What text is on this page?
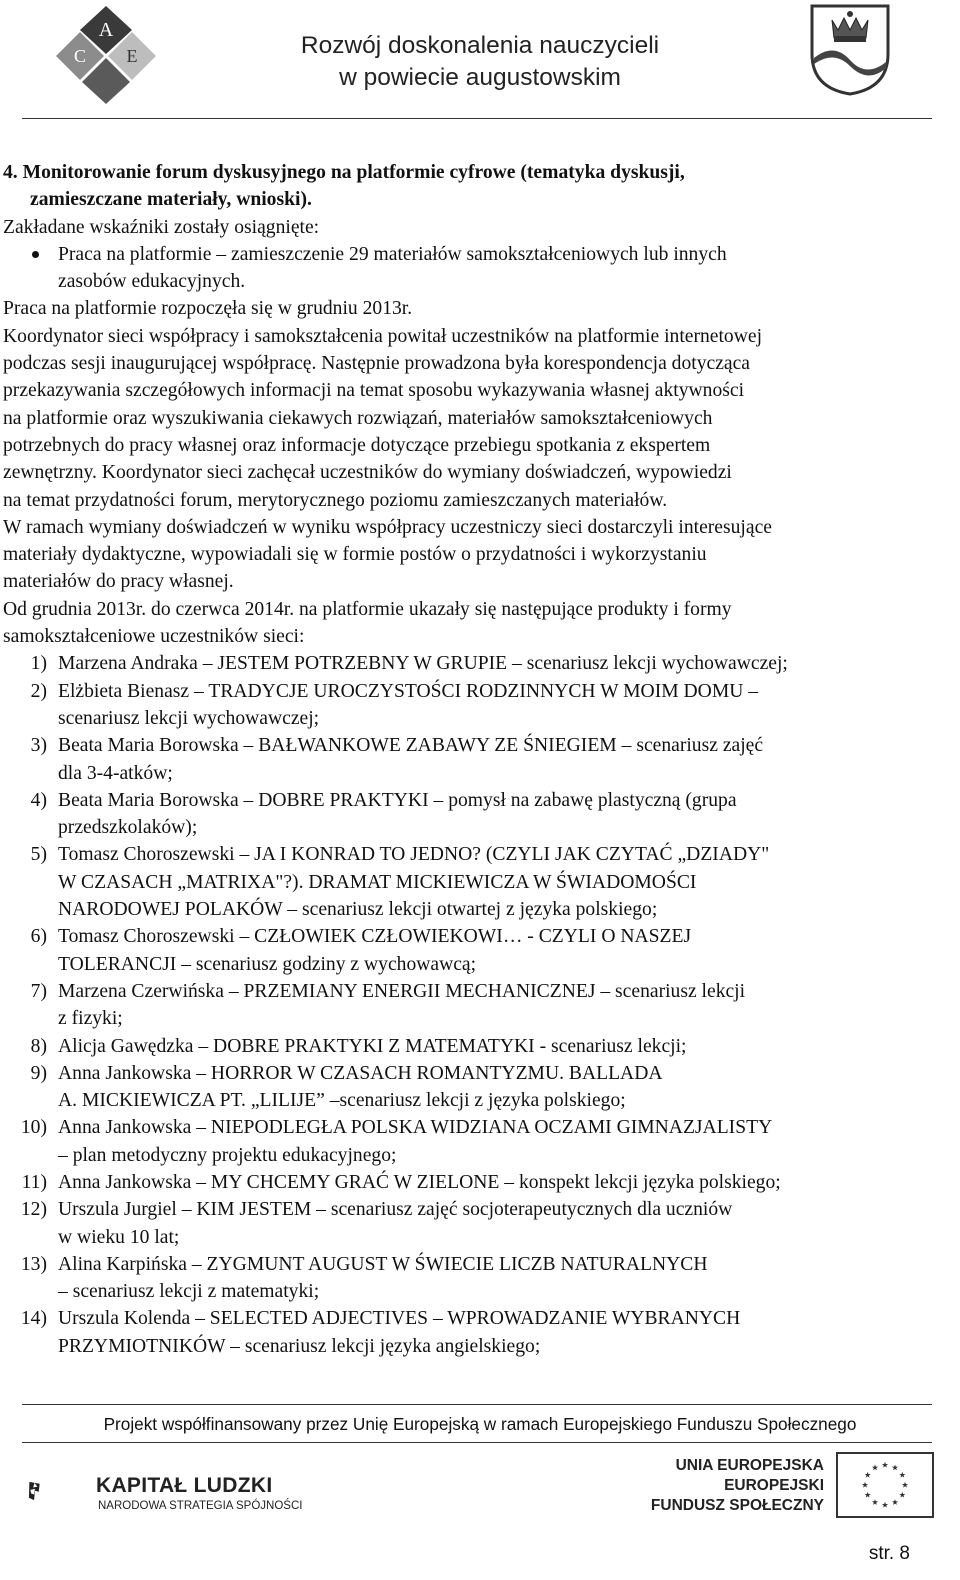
A
C E	Rozwój doskonalenia nauczycieli
w powiecie augustowskim

4. Monitorowanie forum dyskusyjnego na platformie cyfrowe (tematyka dyskusji,

zamieszczane materiały, wnioski).

Zakładane wskaźniki zostały osiągnięte:

Praca na platformie – zamieszczenie 29 materiałów samokształceniowych lub innych
zasobów edukacyjnych.

Praca na platformie rozpoczęła się w grudniu 2013r.

Koordynator sieci współpracy i samokształcenia powitał uczestników na platformie internetowej

podczas sesji inaugurującej współpracę. Następnie prowadzona była korespondencja dotycząca

przekazywania szczegółowych informacji na temat sposobu wykazywania własnej aktywności

na platformie oraz wyszukiwania ciekawych rozwiązań, materiałów samokształceniowych

potrzebnych do pracy własnej oraz informacje dotyczące przebiegu spotkania z ekspertem

zewnętrzny. Koordynator sieci zachęcał uczestników do wymiany doświadczeń, wypowiedzi

na temat przydatności forum, merytorycznego poziomu zamieszczanych materiałów.

W ramach wymiany doświadczeń w wyniku współpracy uczestniczy sieci dostarczyli interesujące

materiały dydaktyczne, wypowiadali się w formie postów o przydatności i wykorzystaniu

materiałów do pracy własnej.

Od grudnia 2013r. do czerwca 2014r. na platformie ukazały się następujące produkty i formy

samokształceniowe uczestników sieci:

1) Marzena Andraka – JESTEM POTRZEBNY W GRUPIE – scenariusz lekcji wychowawczej;
2) Elżbieta Bienasz – TRADYCJE UROCZYSTOŚCI RODZINNYCH W MOIM DOMU –
scenariusz lekcji wychowawczej;
3) Beata Maria Borowska – BAŁWANKOWE ZABAWY ZE ŚNIEGIEM – scenariusz zajęć
dla 3-4-atków;
4) Beata Maria Borowska – DOBRE PRAKTYKI – pomysł na zabawę plastyczną (grupa
przedszkolaków);
5) Tomasz Choroszewski – JA I KONRAD TO JEDNO? (CZYLI JAK CZYTAĆ „DZIADY"
W CZASACH „MATRIXA"?). DRAMAT MICKIEWICZA W ŚWIADOMOŚCI
NARODOWEJ POLAKÓW – scenariusz lekcji otwartej z języka polskiego;
6) Tomasz Choroszewski – CZŁOWIEK CZŁOWIEKOWI… - CZYLI O NASZEJ
TOLERANCJI – scenariusz godziny z wychowawcą;
7) Marzena Czerwińska – PRZEMIANY ENERGII MECHANICZNEJ – scenariusz lekcji
z fizyki;
8) Alicja Gawędzka – DOBRE PRAKTYKI Z MATEMATYKI - scenariusz lekcji;
9) Anna Jankowska – HORROR W CZASACH ROMANTYZMU. BALLADA
A. MICKIEWICZA PT. „LILIJE” –scenariusz lekcji z języka polskiego;
10) Anna Jankowska – NIEPODLEGŁA POLSKA WIDZIANA OCZAMI GIMNAZJALISTY
– plan metodyczny projektu edukacyjnego;
11) Anna Jankowska – MY CHCEMY GRAĆ W ZIELONE – konspekt lekcji języka polskiego;
12) Urszula Jurgiel – KIM JESTEM – scenariusz zajęć socjoterapeutycznych dla uczniów
w wieku 10 lat;
13) Alina Karpińska – ZYGMUNT AUGUST W ŚWIECIE LICZB NATURALNYCH
– scenariusz lekcji z matematyki;
14) Urszula Kolenda – SELECTED ADJECTIVES – WPROWADZANIE WYBRANYCH
PRZYMIOTNIKÓW – scenariusz lekcji języka angielskiego;
Projekt współfinansowany przez Unię Europejską w ramach Europejskiego Funduszu Społecznego
KAPITAŁ LUDZKI
NARODOWA STRATEGIA SPÓJNOŚCI
UNIA EUROPEJSKA
EUROPEJSKI
FUNDUSZ SPOŁECZNY
str. 8
